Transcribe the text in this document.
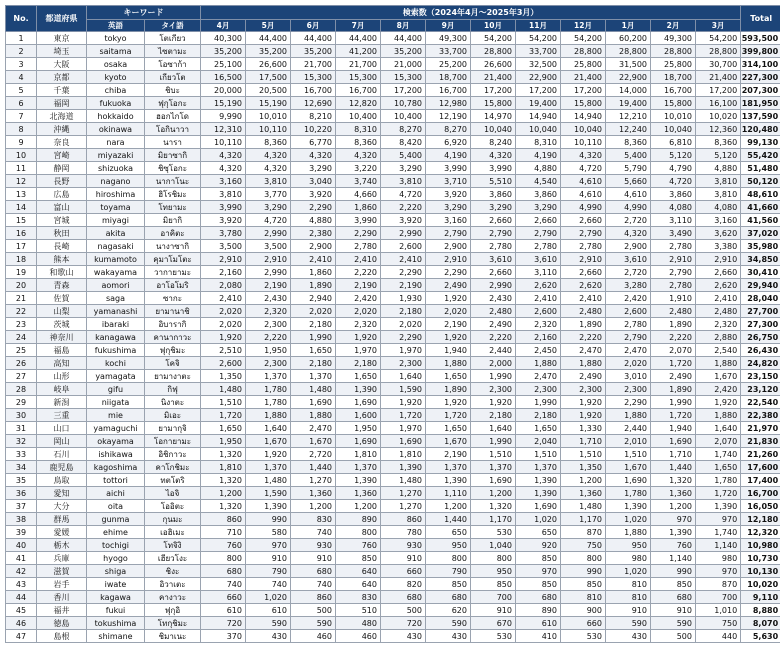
No.	都道府県	キーワード		検索数（2024年4月～2025年3月）												Total
		英語	タイ語	4月	5月	6月	7月	8月	9月	10月	11月	12月	1月	2月	3月	
1	東京	tokyo	โตเกียว	40,300	44,400	44,400	44,400	44,400	49,300	54,200	54,200	54,200	60,200	49,300	54,200	593,500
2	埼玉	saitama	ไซตามะ	35,200	35,200	35,200	41,200	35,200	33,700	28,800	33,700	28,800	28,800	28,800	28,800	399,800
3	大阪	osaka	โอซาก้า	25,100	26,600	21,700	21,700	21,000	25,200	26,600	32,500	25,800	31,500	25,800	30,700	314,100
4	京都	kyoto	เกียวโต	16,500	17,500	15,300	15,300	15,300	18,700	21,400	22,900	21,400	22,900	18,700	21,400	227,300
5	千葉	chiba	ชิบะ	20,000	20,500	16,700	16,700	17,200	16,700	17,200	17,200	17,200	14,000	16,700	17,200	207,300
6	福岡	fukuoka	ฟุกุโอกะ	15,190	15,190	12,690	12,820	10,780	12,980	15,800	19,400	15,800	19,400	15,800	16,100	181,950
7	北海道	hokkaido	ฮอกไกโด	9,990	10,010	8,210	10,400	10,400	12,190	14,970	14,940	14,940	12,210	10,010	10,020	137,590
8	沖縄	okinawa	โอกินาวา	12,310	10,110	10,220	8,310	8,270	8,270	10,040	10,040	10,040	12,240	10,040	12,360	120,480
9	奈良	nara	นารา	10,110	8,360	6,770	8,360	8,420	6,920	8,240	8,310	10,110	8,360	6,810	8,360	99,130
10	宮崎	miyazaki	มิยาซากิ	4,320	4,320	4,320	4,320	5,400	4,190	4,320	4,190	4,320	5,400	5,120	5,120	55,420
11	静岡	shizuoka	ชิซุโอกะ	4,320	4,320	3,290	3,220	3,290	3,990	3,990	4,880	4,720	5,790	4,790	4,880	51,480
12	長野	nagano	นากาโนะ	3,160	3,810	3,040	3,740	3,810	3,710	5,510	4,540	4,610	5,660	4,720	3,810	50,120
13	広島	hiroshima	ฮิโรชิมะ	3,810	3,770	3,920	4,660	4,720	3,920	3,860	3,860	4,610	4,610	3,860	3,810	48,610
14	富山	toyama	โทยามะ	3,990	3,290	2,290	1,860	2,220	3,290	3,290	3,290	4,990	4,990	4,080	4,080	41,660
15	宮城	miyagi	มิยากิ	3,920	4,720	4,880	3,990	3,920	3,160	2,660	2,660	2,660	2,720	3,110	3,160	41,560
16	秋田	akita	อาคิตะ	3,780	2,990	2,380	2,290	2,990	2,790	2,790	2,790	2,790	4,320	3,490	3,620	37,020
17	長崎	nagasaki	นางาซากิ	3,500	3,500	2,900	2,780	2,600	2,900	2,780	2,780	2,780	2,900	2,780	3,380	35,980
18	熊本	kumamoto	คุมาโมโตะ	2,910	2,910	2,410	2,410	2,410	2,910	3,610	3,610	2,910	3,610	2,910	2,910	34,850
19	和歌山	wakayama	วากายามะ	2,160	2,990	1,860	2,220	2,290	2,290	2,660	3,110	2,660	2,720	2,790	2,660	30,410
20	青森	aomori	อาโอโมริ	2,080	2,190	1,890	2,190	2,190	2,490	2,990	2,620	2,620	3,280	2,780	2,620	29,940
21	佐賀	saga	ซากะ	2,410	2,430	2,940	2,420	1,930	1,920	2,430	2,410	2,410	2,420	1,910	2,410	28,040
22	山梨	yamanashi	ยามานาชิ	2,020	2,320	2,020	2,020	2,180	2,020	2,480	2,600	2,480	2,600	2,480	2,480	27,700
23	茨城	ibaraki	อิบารากิ	2,020	2,300	2,180	2,320	2,020	2,190	2,490	2,320	1,890	2,780	1,890	2,320	27,300
24	神奈川	kanagawa	คานากาวะ	1,920	2,220	1,990	1,920	2,290	1,920	2,220	2,160	2,220	2,790	2,220	2,880	26,750
25	福島	fukushima	ฟุกุชิมะ	2,510	1,950	1,650	1,970	1,970	1,940	2,440	2,450	2,470	2,470	2,070	2,540	26,430
26	高知	kochi	โคจิ	2,600	2,300	2,180	2,180	2,300	1,880	2,000	1,880	1,880	2,020	1,720	1,880	24,820
27	山形	yamagata	ยามางาตะ	1,350	1,370	1,370	1,650	1,640	1,650	1,990	2,470	2,490	3,010	2,490	1,670	23,150
28	岐阜	gifu	กิฟุ	1,480	1,780	1,480	1,390	1,590	1,890	2,300	2,300	2,300	2,300	1,890	2,420	23,120
29	新潟	niigata	นิงาตะ	1,510	1,780	1,690	1,690	1,920	1,920	1,920	1,990	1,920	2,290	1,990	1,920	22,540
30	三重	mie	มิเอะ	1,720	1,880	1,880	1,600	1,720	1,720	2,180	2,180	1,920	1,880	1,720	1,880	22,380
31	山口	yamaguchi	ยามากุจิ	1,650	1,640	2,470	1,950	1,970	1,650	1,640	1,650	1,330	2,440	1,940	1,640	21,970
32	岡山	okayama	โอกายามะ	1,950	1,670	1,670	1,690	1,690	1,670	1,990	2,040	1,710	2,010	1,690	2,070	21,830
33	石川	ishikawa	อิชิกาวะ	1,320	1,920	2,720	1,810	1,810	2,190	1,510	1,510	1,510	1,510	1,710	1,740	21,260
34	鹿児島	kagoshima	คาโกชิมะ	1,810	1,370	1,440	1,370	1,390	1,370	1,370	1,370	1,350	1,670	1,440	1,650	17,600
35	鳥取	tottori	ทตโตริ	1,320	1,480	1,270	1,390	1,480	1,390	1,690	1,390	1,200	1,690	1,320	1,780	17,400
36	愛知	aichi	ไอจิ	1,200	1,590	1,360	1,360	1,270	1,110	1,200	1,390	1,360	1,780	1,360	1,720	16,700
37	大分	oita	โออิตะ	1,320	1,390	1,200	1,200	1,270	1,200	1,320	1,690	1,480	1,390	1,200	1,390	16,050
38	群馬	gunma	กุนมะ	860	990	830	890	860	1,440	1,170	1,020	1,170	1,020	970	970	12,180
39	愛媛	ehime	เอฮิเมะ	710	580	740	800	780	650	530	650	870	1,880	1,390	1,740	12,320
40	栃木	tochigi	โทจิงิ	760	970	930	760	930	950	1,040	920	750	950	760	1,140	10,980
41	兵庫	hyogo	เฮียวโงะ	800	910	910	850	910	800	800	850	800	980	1,140	980	10,730
42	滋賀	shiga	ชิงะ	680	790	680	640	660	790	950	970	990	1,020	990	970	10,130
43	岩手	iwate	อิวาเตะ	740	740	740	640	820	850	850	850	850	810	850	870	10,020
44	香川	kagawa	คางาวะ	660	1,020	860	830	680	680	700	680	810	810	680	700	9,110
45	福井	fukui	ฟุกุอิ	610	610	500	510	500	620	910	890	900	910	910	1,010	8,880
46	徳島	tokushima	โทกุชิมะ	720	590	590	480	720	590	670	610	660	590	590	750	8,070
47	島根	shimane	ชิมาเนะ	370	430	460	460	430	430	530	410	530	430	500	440	5,630
